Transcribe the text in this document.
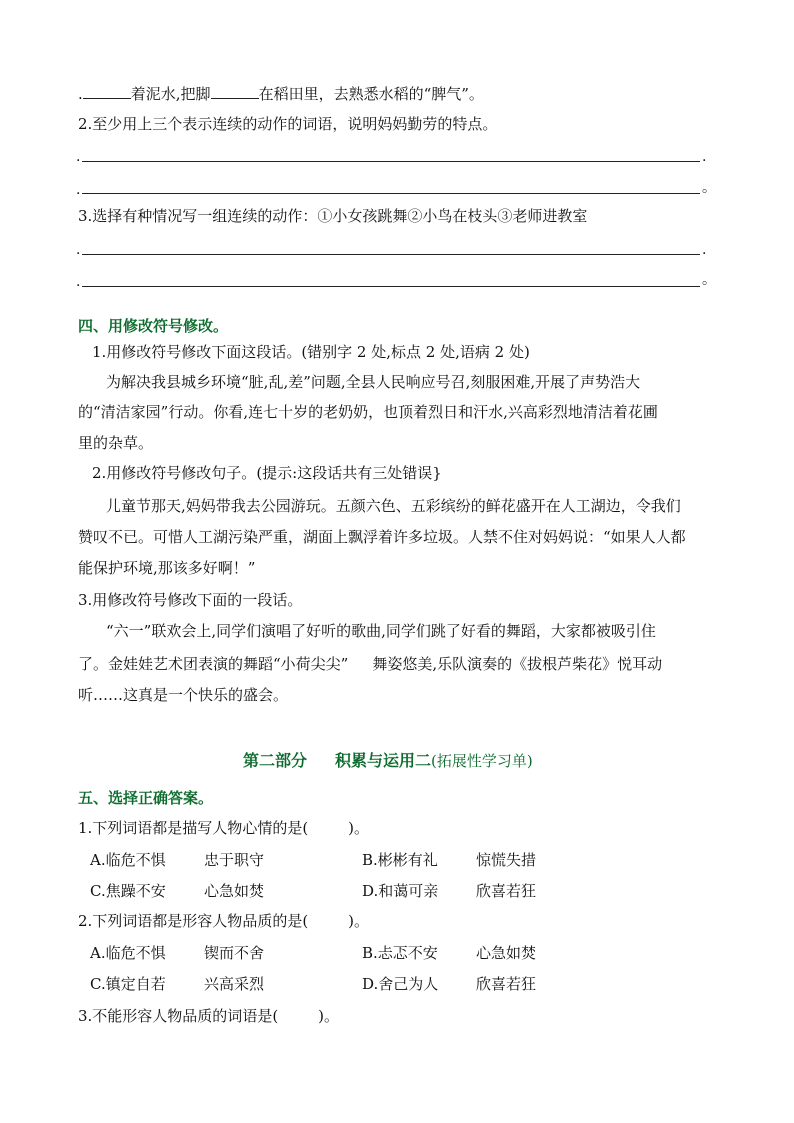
.	着泥水,把脚	在稻田里，去熟悉水稻的“脾气”。
2.至少用上三个表示连续的动作的词语，说明妈妈勤劳的特点。
.	.
.	。
3.选择有种情况写一组连续的动作：①小女孩跳舞②小鸟在枝头③老师进教室
.	.
.	。
四、用修改符号修改。
1.用修改符号修改下面这段话。(错别字 2 处,标点 2 处,语病 2 处)
为解决我县城乡环境“脏,乱,差”问题,全县人民响应号召,刻服困难,开展了声势浩大
的“清洁家园”行动。你看,连七十岁的老奶奶，也顶着烈日和汗水,兴高彩烈地清洁着花圃
里的杂草。
2.用修改符号修改句子。(提示:这段话共有三处错误}
儿童节那天,妈妈带我去公园游玩。五颜六色、五彩缤纷的鲜花盛开在人工湖边，令我们
赞叹不已。可惜人工湖污染严重，湖面上飘浮着许多垃圾。人禁不住对妈妈说：“如果人人都
能保护环境,那该多好啊！”
3.用修改符号修改下面的一段话。
“六一”联欢会上,同学们演唱了好听的歌曲,同学们跳了好看的舞蹈，大家都被吸引住
了。金娃娃艺术团表演的舞蹈“小荷尖尖” 舞姿悠美,乐队演奏的《拔根芦柴花》悦耳动
听……这真是一个快乐的盛会。
第二部分 积累与运用二(拓展性学习单)
五、选择正确答案。
1.下列词语都是描写人物心情的是(	)。
A.临危不惧	忠于职守	B.彬彬有礼	惊慌失措
C.焦躁不安	心急如焚	D.和蔼可亲	欣喜若狂
2.下列词语都是形容人物品质的是(	)。
A.临危不惧	锲而不舍	B.忐忑不安	心急如焚
C.镇定自若	兴高采烈	D.舍己为人	欣喜若狂
3.不能形容人物品质的词语是(	)。
